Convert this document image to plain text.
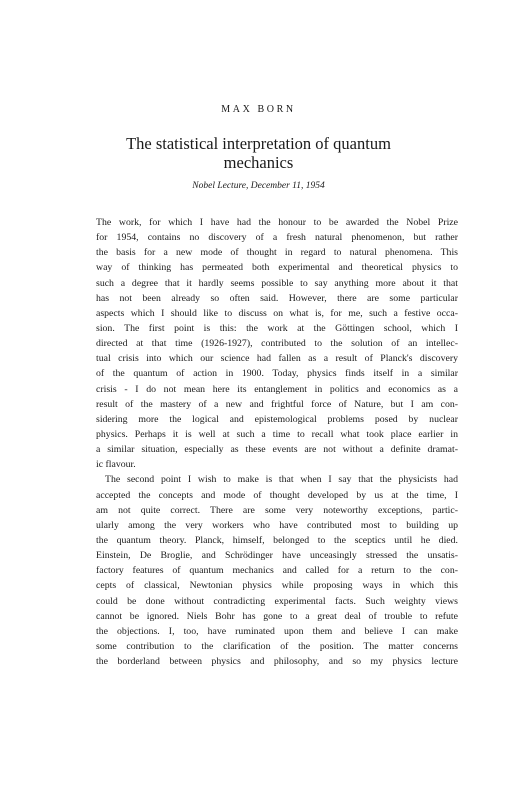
MAX BORN
The statistical interpretation of quantum mechanics
Nobel Lecture, December 11, 1954
The work, for which I have had the honour to be awarded the Nobel Prize
for 1954, contains no discovery of a fresh natural phenomenon, but rather
the basis for a new mode of thought in regard to natural phenomena. This
way of thinking has permeated both experimental and theoretical physics to
such a degree that it hardly seems possible to say anything more about it that
has not been already so often said. However, there are some particular
aspects which I should like to discuss on what is, for me, such a festive occa-
sion. The first point is this: the work at the Göttingen school, which I
directed at that time (1926-1927), contributed to the solution of an intellec-
tual crisis into which our science had fallen as a result of Planck's discovery
of the quantum of action in 1900. Today, physics finds itself in a similar
crisis - I do not mean here its entanglement in politics and economics as a
result of the mastery of a new and frightful force of Nature, but I am con-
sidering more the logical and epistemological problems posed by nuclear
physics. Perhaps it is well at such a time to recall what took place earlier in
a similar situation, especially as these events are not without a definite dramat-
ic flavour.
The second point I wish to make is that when I say that the physicists had
accepted the concepts and mode of thought developed by us at the time, I
am not quite correct. There are some very noteworthy exceptions, partic-
ularly among the very workers who have contributed most to building up
the quantum theory. Planck, himself, belonged to the sceptics until he died.
Einstein, De Broglie, and Schrödinger have unceasingly stressed the unsatis-
factory features of quantum mechanics and called for a return to the con-
cepts of classical, Newtonian physics while proposing ways in which this
could be done without contradicting experimental facts. Such weighty views
cannot be ignored. Niels Bohr has gone to a great deal of trouble to refute
the objections. I, too, have ruminated upon them and believe I can make
some contribution to the clarification of the position. The matter concerns
the borderland between physics and philosophy, and so my physics lecture
